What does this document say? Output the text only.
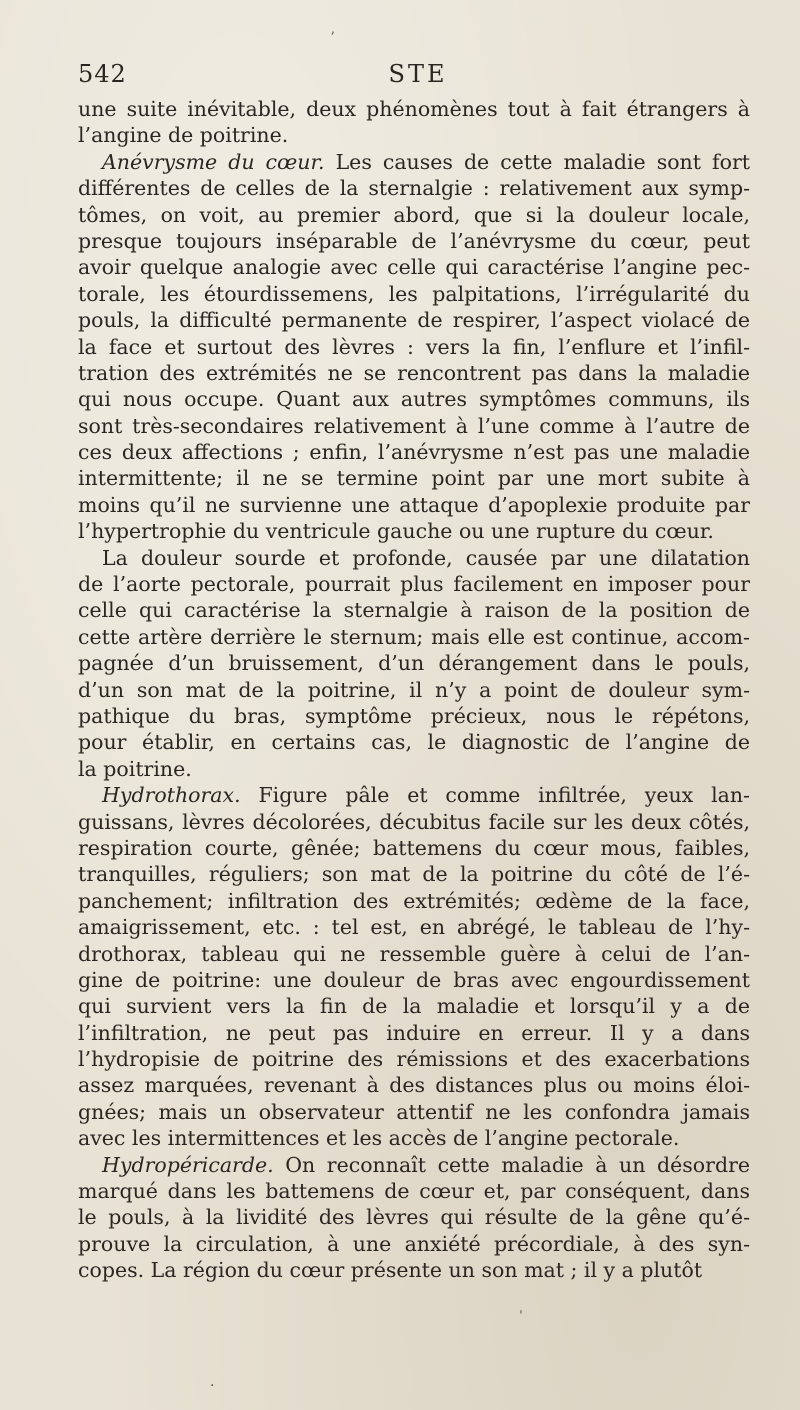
542	STE
une suite inévitable, deux phénomènes tout à fait étrangers à
l’angine de poitrine.
Anévrysme du cœur. Les causes de cette maladie sont fort
différentes de celles de la sternalgie : relativement aux symp-
tômes, on voit, au premier abord, que si la douleur locale,
presque toujours inséparable de l’anévrysme du cœur, peut
avoir quelque analogie avec celle qui caractérise l’angine pec-
torale, les étourdissemens, les palpitations, l’irrégularité du
pouls, la difficulté permanente de respirer, l’aspect violacé de
la face et surtout des lèvres : vers la fin, l’enflure et l’infil-
tration des extrémités ne se rencontrent pas dans la maladie
qui nous occupe. Quant aux autres symptômes communs, ils
sont très-secondaires relativement à l’une comme à l’autre de
ces deux affections ; enfin, l’anévrysme n’est pas une maladie
intermittente; il ne se termine point par une mort subite à
moins qu’il ne survienne une attaque d’apoplexie produite par
l’hypertrophie du ventricule gauche ou une rupture du cœur.
La douleur sourde et profonde, causée par une dilatation
de l’aorte pectorale, pourrait plus facilement en imposer pour
celle qui caractérise la sternalgie à raison de la position de
cette artère derrière le sternum; mais elle est continue, accom-
pagnée d’un bruissement, d’un dérangement dans le pouls,
d’un son mat de la poitrine, il n’y a point de douleur sym-
pathique du bras, symptôme précieux, nous le répétons,
pour établir, en certains cas, le diagnostic de l’angine de
la poitrine.
Hydrothorax. Figure pâle et comme infiltrée, yeux lan-
guissans, lèvres décolorées, décubitus facile sur les deux côtés,
respiration courte, gênée; battemens du cœur mous, faibles,
tranquilles, réguliers; son mat de la poitrine du côté de l’é-
panchement; infiltration des extrémités; œdème de la face,
amaigrissement, etc. : tel est, en abrégé, le tableau de l’hy-
drothorax, tableau qui ne ressemble guère à celui de l’an-
gine de poitrine: une douleur de bras avec engourdissement
qui survient vers la fin de la maladie et lorsqu’il y a de
l’infiltration, ne peut pas induire en erreur. Il y a dans
l’hydropisie de poitrine des rémissions et des exacerbations
assez marquées, revenant à des distances plus ou moins éloi-
gnées; mais un observateur attentif ne les confondra jamais
avec les intermittences et les accès de l’angine pectorale.
Hydropéricarde. On reconnaît cette maladie à un désordre
marqué dans les battemens de cœur et, par conséquent, dans
le pouls, à la lividité des lèvres qui résulte de la gêne qu’é-
prouve la circulation, à une anxiété précordiale, à des syn-
copes. La région du cœur présente un son mat ; il y a plutôt
ʼ
ˌ
·
